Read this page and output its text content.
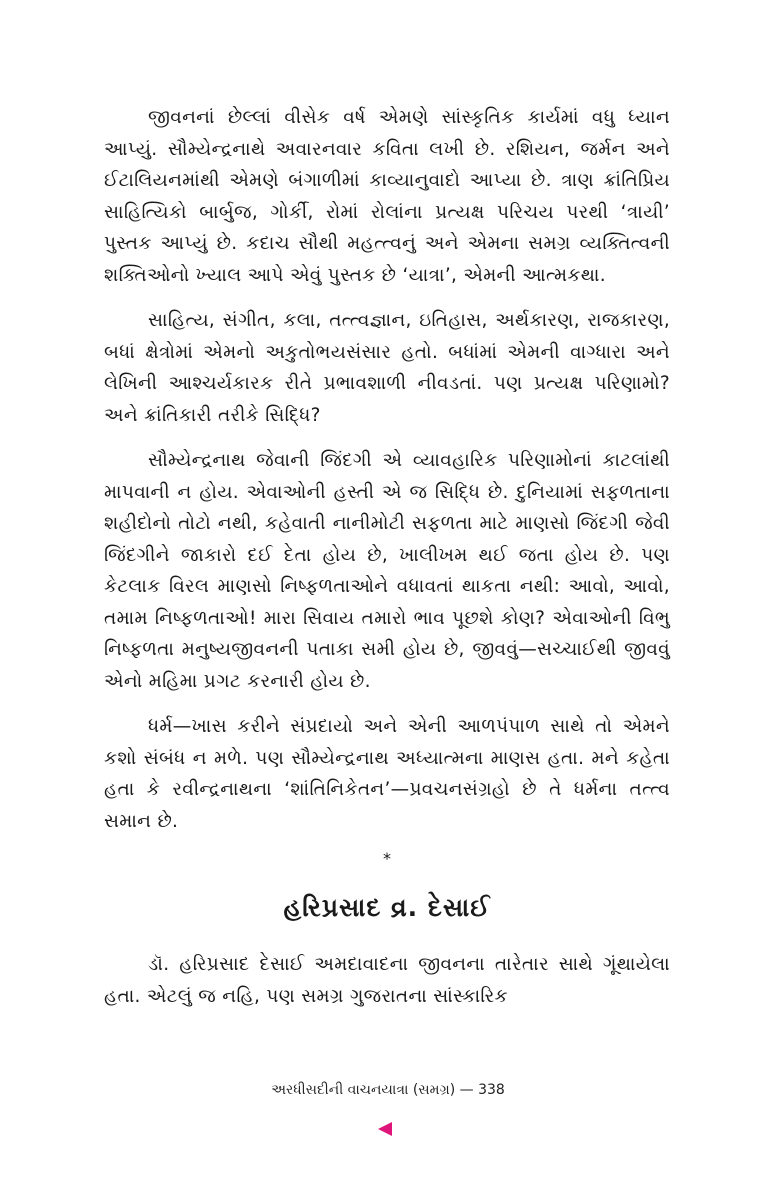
જીવનનાં છેલ્લાં વીસેક વર્ષ એમણે સાંસ્કૃતિક કાર્યમાં વધુ ધ્યાન આપ્યું. સૌમ્યેન્દ્રનાથે અવારનવાર કવિતા લખી છે. રશિયન, જર્મન અને ઈટાલિયનમાંથી એમણે બંગાળીમાં કાવ્યાનુવાદો આપ્યા છે. ત્રાણ ક્રાંતિપ્રિય સાહિત્યિકો બાર્બુજ, ગોર્કી, રોમાં રોલાંના પ્રત્યક્ષ પરિચય પરથી ‘ત્રાયી’ પુસ્તક આપ્યું છે. કદાચ સૌથી મહત્ત્વનું અને એમના સમગ્ર વ્યક્તિત્વની શક્તિઓનો ખ્યાલ આપે એવું પુસ્તક છે ‘યાત્રા’, એમની આત્મકથા.

સાહિત્ય, સંગીત, કલા, તત્ત્વજ્ઞાન, ઇતિહાસ, અર્થકારણ, રાજકારણ, બધાં ક્ષેત્રોમાં એમનો અકુતોભયસંસાર હતો. બધાંમાં એમની વાગ્ધારા અને લેખિની આશ્ચર્યકારક રીતે પ્રભાવશાળી નીવડતાં. પણ પ્રત્યક્ષ પરિણામો? અને ક્રાંતિકારી તરીકે સિદ્ધિ?

સૌમ્યેન્દ્રનાથ જેવાની જિંદગી એ વ્યાવહારિક પરિણામોનાં કાટલાંથી માપવાની ન હોય. એવાઓની હસ્તી એ જ સિદ્ધિ છે. દુનિયામાં સફળતાના શહીદોનો તોટો નથી, કહેવાતી નાનીમોટી સફળતા માટે માણસો જિંદગી જેવી જિંદગીને જાકારો દઈ દેતા હોય છે, ખાલીખમ થઈ જતા હોય છે. પણ કેટલાક વિરલ માણસો નિષ્ફળતાઓને વધાવતાં થાકતા નથી: આવો, આવો, તમામ નિષ્ફળતાઓ! મારા સિવાય તમારો ભાવ પૂછશે કોણ? એવાઓની વિભુ નિષ્ફળતા મનુષ્યજીવનની પતાકા સમી હોય છે, જીવવું—સચ્ચાઈથી જીવવું એનો મહિમા પ્રગટ કરનારી હોય છે.

ધર્મ—ખાસ કરીને સંપ્રદાયો અને એની આળપંપાળ સાથે તો એમને કશો સંબંધ ન મળે. પણ સૌમ્યેન્દ્રનાથ અધ્યાત્મના માણસ હતા. મને કહેતા હતા કે રવીન્દ્રનાથના ‘શાંતિનિકેતન’—પ્રવચનસંગ્રહો છે તે ધર્મના તત્ત્વ સમાન છે.

*
હરિપ્રસાદ વ્ર. દેસાઈ

ડૉ. હરિપ્રસાદ દેસાઈ અમદાવાદના જીવનના તારેતાર સાથે ગૂંથાયેલા હતા. એટલું જ નહિ, પણ સમગ્ર ગુજરાતના સાંસ્કારિક

અરધીસદીની વાચનયાત્રા (સમગ્ર) — 338
